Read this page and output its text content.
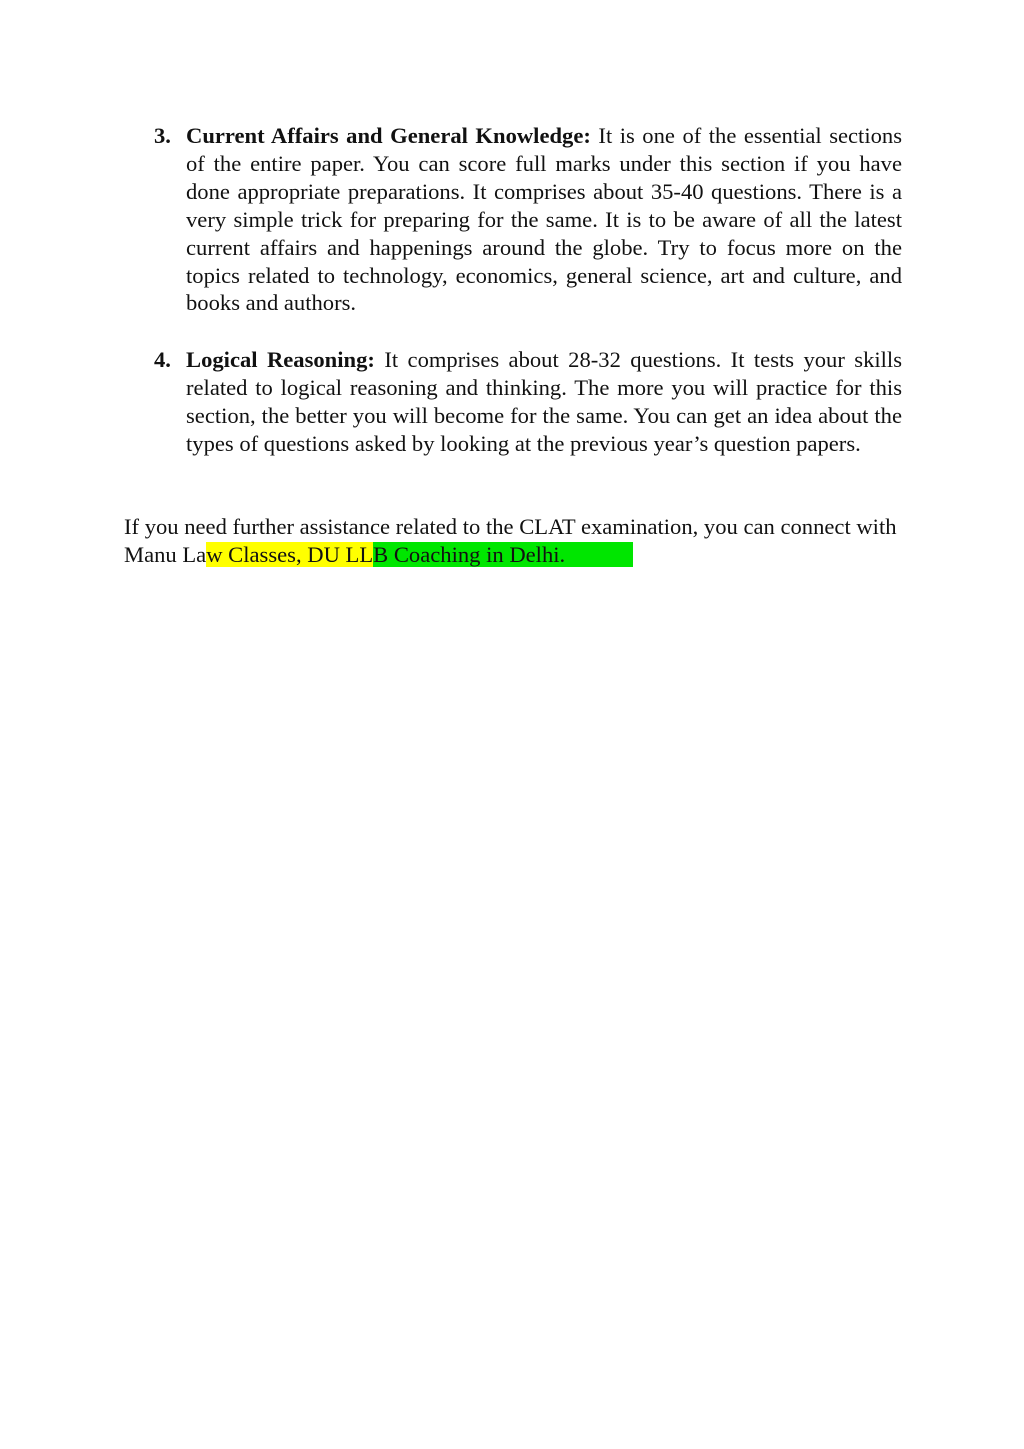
3. Current Affairs and General Knowledge: It is one of the essential sections of the entire paper. You can score full marks under this section if you have done appropriate preparations. It comprises about 35-40 questions. There is a very simple trick for preparing for the same. It is to be aware of all the latest current affairs and happenings around the globe. Try to focus more on the topics related to technology, economics, general science, art and culture, and books and authors.
4. Logical Reasoning: It comprises about 28-32 questions. It tests your skills related to logical reasoning and thinking. The more you will practice for this section, the better you will become for the same. You can get an idea about the types of questions asked by looking at the previous year’s question papers.

If you need further assistance related to the CLAT examination, you can connect with Manu Law Classes, DU LLB Coaching in Delhi.
